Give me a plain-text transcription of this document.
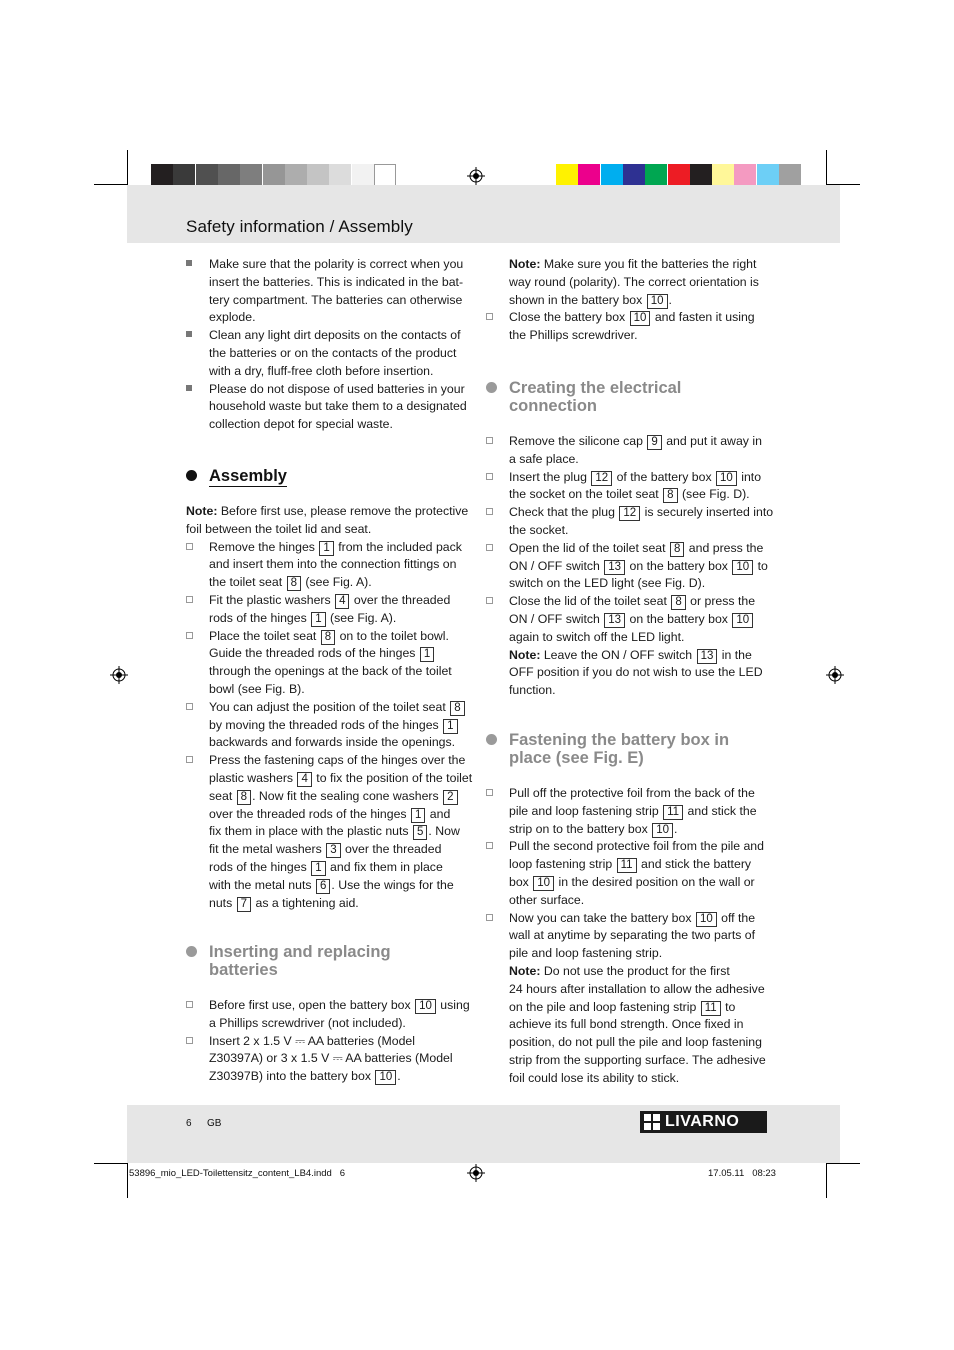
Safety information / Assembly

Make sure that the polarity is correct when you

insert the batteries. This is indicated in the bat-

tery compartment. The batteries can otherwise

explode.

Clean any light dirt deposits on the contacts of

the batteries or on the contacts of the product

with a dry, fluff-free cloth before insertion.

Please do not dispose of used batteries in your

household waste but take them to a designated

collection depot for special waste.

Assembly

Note: Before first use, please remove the protective

foil between the toilet lid and seat.

Remove the hinges 1 from the included pack

and insert them into the connection fittings on

the toilet seat 8 (see Fig. A).

Fit the plastic washers 4 over the threaded

rods of the hinges 1 (see Fig. A).

Place the toilet seat 8 on to the toilet bowl.

Guide the threaded rods of the hinges 1

through the openings at the back of the toilet

bowl (see Fig. B).

You can adjust the position of the toilet seat 8

by moving the threaded rods of the hinges 1

backwards and forwards inside the openings.

Press the fastening caps of the hinges over the

plastic washers 4 to fix the position of the toilet

seat 8 . Now fit the sealing cone washers 2

over the threaded rods of the hinges 1 and

fix them in place with the plastic nuts 5 . Now

fit the metal washers 3 over the threaded

rods of the hinges 1 and fix them in place

with the metal nuts 6 . Use the wings for the

nuts 7 as a tightening aid.

Inserting and replacing
batteries

Before first use, open the battery box 10 using

a Phillips screwdriver (not included).

Insert 2 x 1.5 V ⎓ AA batteries (Model

Z30397A) or 3 x 1.5 V ⎓ AA batteries (Model

Z30397B) into the battery box 10 .

Note: Make sure you fit the batteries the right

way round (polarity). The correct orientation is

shown in the battery box 10 .

Close the battery box 10 and fasten it using

the Phillips screwdriver.

Creating the electrical
connection

Remove the silicone cap 9 and put it away in

a safe place.

Insert the plug 12 of the battery box 10 into

the socket on the toilet seat 8 (see Fig. D).

Check that the plug 12 is securely inserted into

the socket.

Open the lid of the toilet seat 8 and press the

ON / OFF switch 13 on the battery box 10 to

switch on the LED light (see Fig. D).

Close the lid of the toilet seat 8 or press the

ON / OFF switch 13 on the battery box 10

again to switch off the LED light.

Note: Leave the ON / OFF switch 13 in the

OFF position if you do not wish to use the LED

function.

Fastening the battery box in
place (see Fig. E)

Pull off the protective foil from the back of the

pile and loop fastening strip 11 and stick the

strip on to the battery box 10 .

Pull the second protective foil from the pile and

loop fastening strip 11 and stick the battery

box 10 in the desired position on the wall or

other surface.

Now you can take the battery box 10 off the

wall at anytime by separating the two parts of

pile and loop fastening strip.

Note: Do not use the product for the first

24 hours after installation to allow the adhesive

on the pile and loop fastening strip 11 to

achieve its full bond strength. Once fixed in

position, do not pull the pile and loop fastening

strip from the supporting surface. The adhesive

foil could lose its ability to stick.

6 GB	LIVARNO
53896_mio_LED-Toilettensitz_content_LB4.indd   6	17.05.11   08:23
